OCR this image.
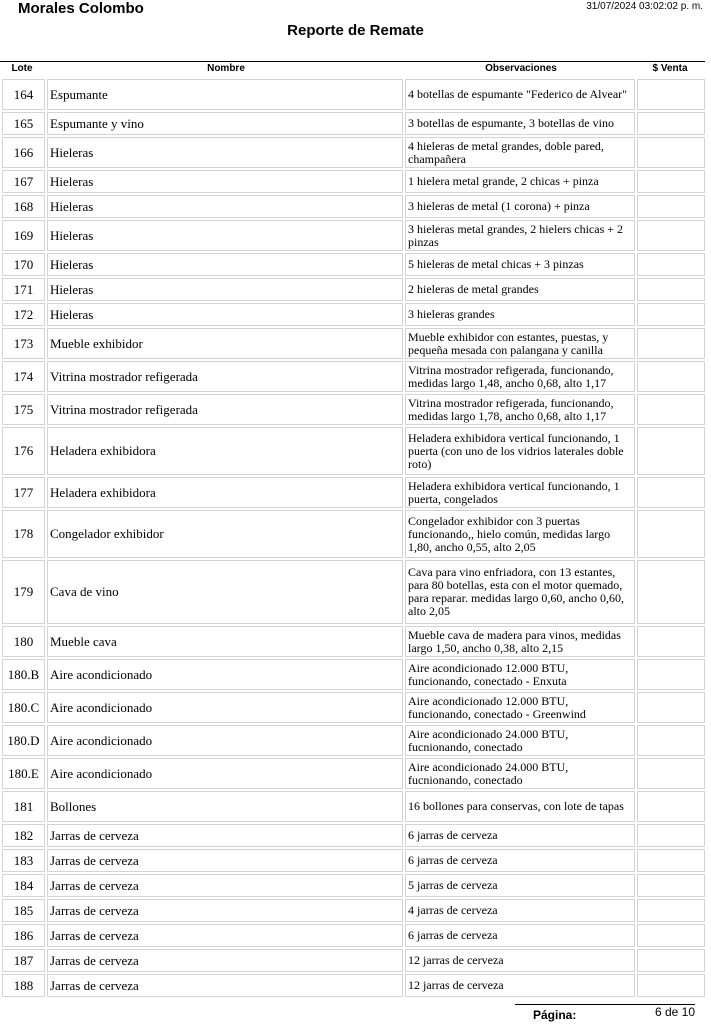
Morales Colombo	31/07/2024 03:02:02 p. m.
Reporte de Remate
Lote	Nombre	Observaciones	$ Venta
164	Espumante	4 botellas de espumante "Federico de Alvear"	
165	Espumante y vino	3 botellas de espumante, 3 botellas de vino	
166	Hieleras	4 hieleras de metal grandes, doble pared, champañera	
167	Hieleras	1 hielera metal grande, 2 chicas + pinza	
168	Hieleras	3 hieleras de metal (1 corona) + pinza	
169	Hieleras	3 hieleras metal grandes, 2 hielers chicas + 2 pinzas	
170	Hieleras	5 hieleras de metal chicas + 3 pinzas	
171	Hieleras	2 hieleras de metal grandes	
172	Hieleras	3 hieleras grandes	
173	Mueble exhibidor	Mueble exhibidor con estantes, puestas, y pequeña mesada con palangana y canilla	
174	Vitrina mostrador refigerada	Vitrina mostrador refigerada, funcionando, medidas largo 1,48, ancho 0,68, alto 1,17	
175	Vitrina mostrador refigerada	Vitrina mostrador refigerada, funcionando, medidas largo 1,78, ancho 0,68, alto 1,17	
176	Heladera exhibidora	Heladera exhibidora vertical funcionando, 1 puerta (con uno de los vidrios laterales doble roto)	
177	Heladera exhibidora	Heladera exhibidora vertical funcionando, 1 puerta, congelados	
178	Congelador exhibidor	Congelador exhibidor con 3 puertas funcionando,, hielo común, medidas largo 1,80, ancho 0,55, alto 2,05	
179	Cava de vino	Cava para vino enfriadora, con 13 estantes, para 80 botellas, esta con el motor quemado, para reparar. medidas largo 0,60, ancho 0,60, alto 2,05	
180	Mueble cava	Mueble cava de madera para vinos, medidas largo 1,50, ancho 0,38, alto 2,15	
180.B	Aire acondicionado	Aire acondicionado 12.000 BTU, funcionando, conectado - Enxuta	
180.C	Aire acondicionado	Aire acondicionado 12.000 BTU, funcionando, conectado - Greenwind	
180.D	Aire acondicionado	Aire acondicionado 24.000 BTU, fucnionando, conectado	
180.E	Aire acondicionado	Aire acondicionado 24.000 BTU, fucnionando, conectado	
181	Bollones	16 bollones para conservas, con lote de tapas	
182	Jarras de cerveza	6 jarras de cerveza	
183	Jarras de cerveza	6 jarras de cerveza	
184	Jarras de cerveza	5 jarras de cerveza	
185	Jarras de cerveza	4 jarras de cerveza	
186	Jarras de cerveza	6 jarras de cerveza	
187	Jarras de cerveza	12 jarras de cerveza	
188	Jarras de cerveza	12 jarras de cerveza	
Página:	6 de 10
